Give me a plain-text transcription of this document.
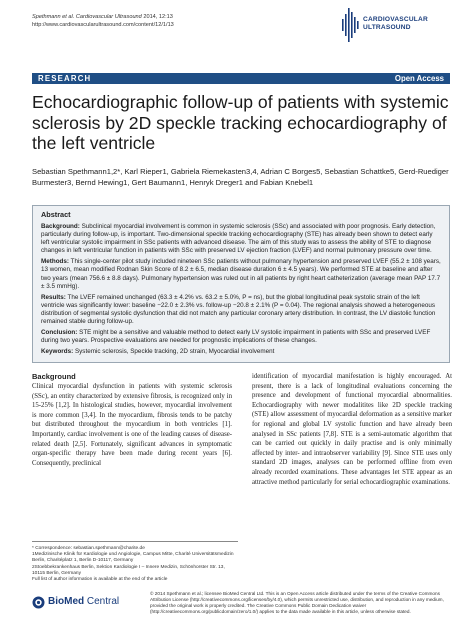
Spethmann et al. Cardiovascular Ultrasound 2014, 12:13
http://www.cardiovascularultrasound.com/content/12/1/13
CARDIOVASCULAR
ULTRASOUND
RESEARCH	Open Access
Echocardiographic follow-up of patients with systemic sclerosis by 2D speckle tracking echocardiography of the left ventricle
Sebastian Spethmann1,2*, Karl Rieper1, Gabriela Riemekasten3,4, Adrian C Borges5, Sebastian Schattke5, Gerd-Ruediger Burmester3, Bernd Hewing1, Gert Baumann1, Henryk Dreger1 and Fabian Knebel1
Abstract

Background: Subclinical myocardial involvement is common in systemic sclerosis (SSc) and associated with poor prognosis. Early detection, particularly during follow-up, is important. Two-dimensional speckle tracking echocardiography (STE) has already been shown to detect early left ventricular systolic impairment in SSc patients with advanced disease. The aim of this study was to assess the ability of STE to diagnose changes in left ventricular function in patients with SSc with preserved LV ejection fraction (LVEF) and normal pulmonary pressure over time.

Methods: This single-center pilot study included nineteen SSc patients without pulmonary hypertension and preserved LVEF (55.2 ± 108 years, 13 women, mean modified Rodnan Skin Score of 8.2 ± 6.5, median disease duration 6 ± 4.5 years). We performed STE at baseline and after two years (mean 756.6 ± 8.8 days). Pulmonary hypertension was ruled out in all patients by right heart catheterization (average mean PAP 17.7 ± 3.5 mmHg).

Results: The LVEF remained unchanged (63.3 ± 4.2% vs. 63.2 ± 5.0%, P = ns), but the global longitudinal peak systolic strain of the left ventricle was significantly lower: baseline −22.0 ± 2.3% vs. follow-up −20.8 ± 2.1% (P = 0.04). The regional analysis showed a heterogeneous distribution of segmental systolic dysfunction that did not match any particular coronary artery distribution. In contrast, the LV diastolic function remained stable during follow-up.

Conclusion: STE might be a sensitive and valuable method to detect early LV systolic impairment in patients with SSc and preserved LVEF during two years. Prospective evaluations are needed for prognostic implications of these changes.

Keywords: Systemic sclerosis, Speckle tracking, 2D strain, Myocardial involvement

Background
Clinical myocardial dysfunction in patients with systemic sclerosis (SSc), an entity characterized by extensive fibrosis, is recognized only in 15-25% [1,2]. In histological studies, however, myocardial involvement is more common [3,4]. In the myocardium, fibrosis tends to be patchy but distributed throughout the myocardium in both ventricles [1]. Importantly, cardiac involvement is one of the leading causes of disease-related death [2,5]. Fortunately, significant advances in symptomatic organ-specific therapy have been made during recent years [6]. Consequently, preclinical
identification of myocardial manifestation is highly encouraged. At present, there is a lack of longitudinal evaluations concerning the presence and development of functional myocardial abnormalities. Echocardiography with newer modalitites like 2D speckle tracking (STE) allow assessment of myocardial deformation as a sensitive marker for regional and global LV systolic function and have already been analysed in SSc patients [7,8]. STE is a semi-automatic algorithm that can be carried out quickly in daily practise and is only minimally affected by inter- and intraobserver variability [9]. Since STE uses only standard 2D images, analyses can be performed offline from even already recorded examinations. These advantages let STE appear as an attractive method particularly for serial echocardiographic examinations.
* Correspondence: sebastian.spethmann@charite.de
1Medizinische Klinik für Kardiologie und Angiologie, Campus Mitte, Charité Universitätsmedizin Berlin, Charitéplatz 1, Berlin D-10117, Germany
2Stoebbekrankenhaus Berlin, Sektion Kardiologie I – Innere Medizin, Schönhorster Str. 13, 10115 Berlin, Germany
Full list of author information is available at the end of the article
BioMed Central
© 2014 Spethmann et al.; licensee BioMed Central Ltd. This is an Open Access article distributed under the terms of the Creative Commons Attribution License (http://creativecommons.org/licenses/by/4.0), which permits unrestricted use, distribution, and reproduction in any medium, provided the original work is properly credited. The Creative Commons Public Domain Dedication waiver (http://creativecommons.org/publicdomain/zero/1.0/) applies to the data made available in this article, unless otherwise stated.
